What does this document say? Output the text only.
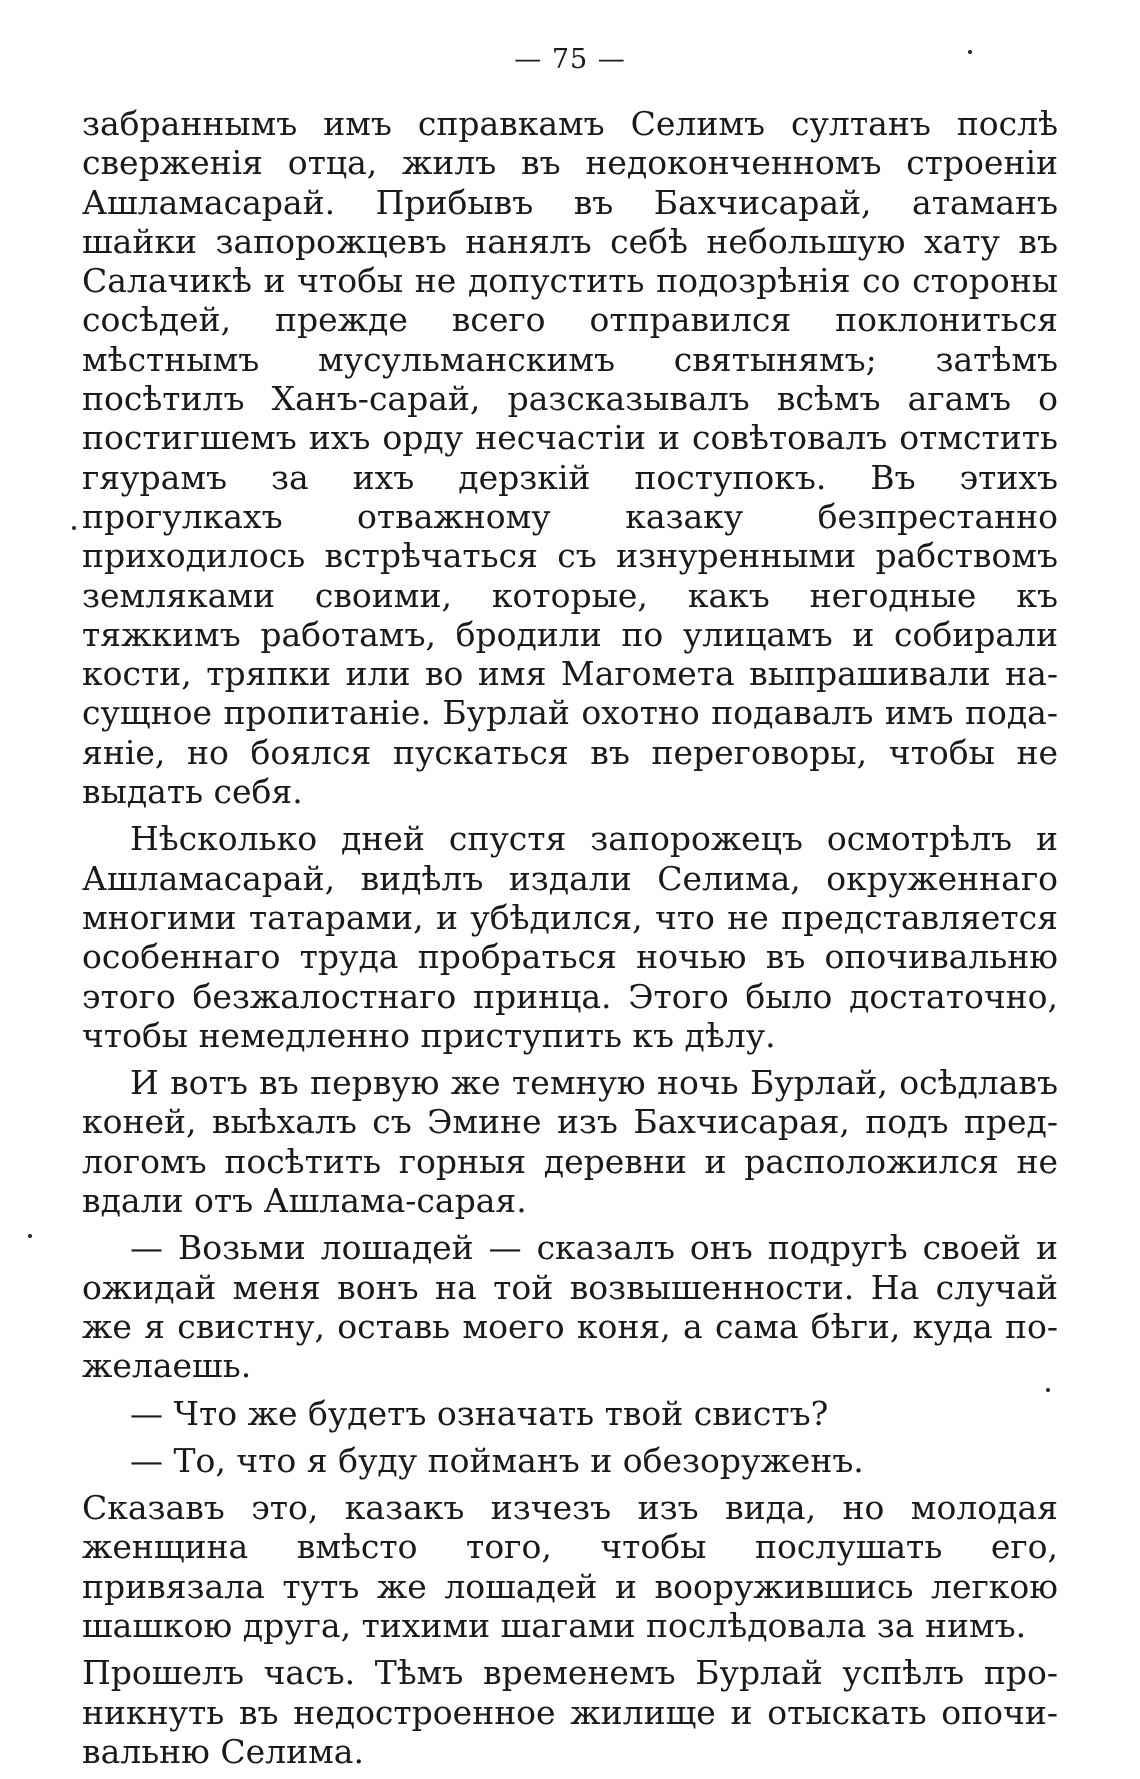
— 75 —

забраннымъ имъ справкамъ Селимъ султанъ послѣ сверженія отца, жилъ въ недоконченномъ строеніи Ашламасарай. Прибывъ въ Бахчисарай, атаманъ шайки запорожцевъ нанялъ себѣ небольшую хату въ Салачикѣ и чтобы не допустить подозрѣнія со стороны сосѣдей, прежде всего отправился поклониться мѣстнымъ мусульманскимъ святынямъ; затѣмъ посѣтилъ Ханъ-сарай, разсказывалъ всѣмъ агамъ о постигшемъ ихъ орду несчастіи и совѣтовалъ отмстить гяурамъ за ихъ дерзкій поступокъ. Въ этихъ прогулкахъ отважному казаку безпрестанно приходилось встрѣчаться съ изнуренными рабствомъ земляками своими, которые, какъ негодные къ тяжкимъ работамъ, бродили по улицамъ и собирали кости, тряпки или во имя Магомета выпрашивали насущное пропитаніе. Бурлай охотно подавалъ имъ подаяніе, но боялся пускаться въ переговоры, чтобы не выдать себя.

Нѣсколько дней спустя запорожецъ осмотрѣлъ и Ашламасарай, видѣлъ издали Селима, окруженнаго многими татарами, и убѣдился, что не представляется особеннаго труда пробраться ночью въ опочивальню этого безжалостнаго принца. Этого было достаточно, чтобы немедленно приступить къ дѣлу.

И вотъ въ первую же темную ночь Бурлай, осѣдлавъ коней, выѣхалъ съ Эмине изъ Бахчисарая, подъ предлогомъ посѣтить горныя деревни и расположился не вдали отъ Ашлама-сарая.

— Возьми лошадей — сказалъ онъ подругѣ своей и ожидай меня вонъ на той возвышенности. На случай же я свистну, оставь моего коня, а сама бѣги, куда пожелаешь.

— Что же будетъ означать твой свистъ?

— То, что я буду пойманъ и обезоруженъ.

Сказавъ это, казакъ изчезъ изъ вида, но молодая женщина вмѣсто того, чтобы послушать его, привязала тутъ же лошадей и вооружившись легкою шашкою друга, тихими шагами послѣдовала за нимъ.

Прошелъ часъ. Тѣмъ временемъ Бурлай успѣлъ проникнуть въ недостроенное жилище и отыскать опочивальню Селима.
